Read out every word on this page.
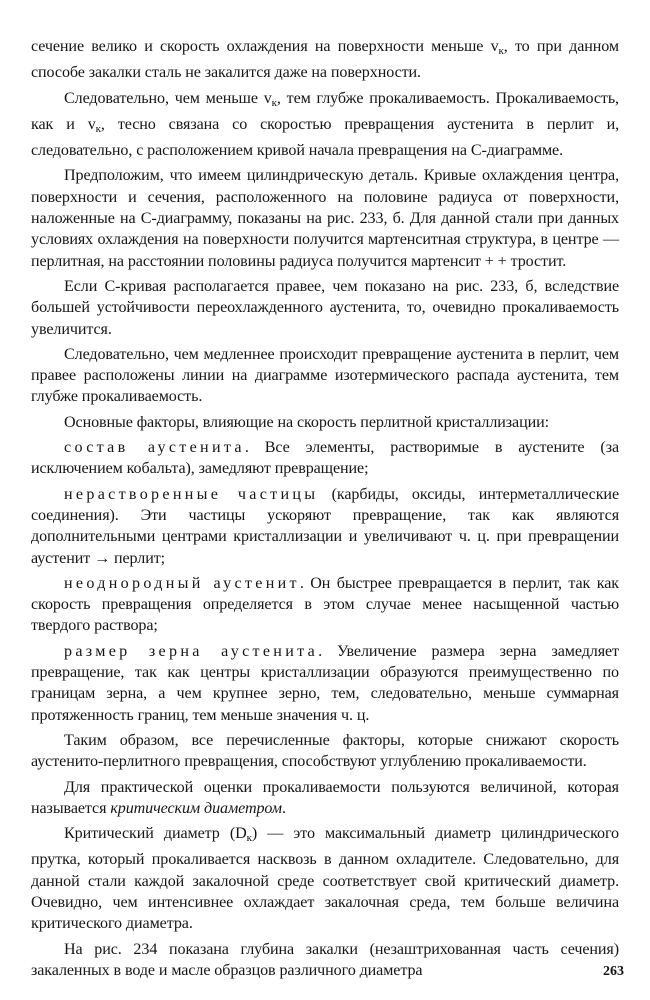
сечение велико и скорость охлаждения на поверхности меньше $v_к$, то при данном способе закалки сталь не закалится даже на поверхности.

Следовательно, чем меньше $v_к$, тем глубже прокаливаемость. Прокаливаемость, как и $v_к$, тесно связана со скоростью превращения аустенита в перлит и, следовательно, с расположением кривой начала превращения на С-диаграмме.

Предположим, что имеем цилиндрическую деталь. Кривые охлаждения центра, поверхности и сечения, расположенного на половине радиуса от поверхности, наложенные на С-диаграмму, показаны на рис. 233, б. Для данной стали при данных условиях охлаждения на поверхности получится мартенситная структура, в центре — перлитная, на расстоянии половины радиуса получится мартенсит + + тростит.

Если С-кривая располагается правее, чем показано на рис. 233, б, вследствие большей устойчивости переохлажденного аустенита, то, очевидно прокаливаемость увеличится.

Следовательно, чем медленнее происходит превращение аустенита в перлит, чем правее расположены линии на диаграмме изотермического распада аустенита, тем глубже прокаливаемость.

Основные факторы, влияющие на скорость перлитной кристаллизации:

состав аустенита. Все элементы, растворимые в аустените (за исключением кобальта), замедляют превращение;

нерастворенные частицы (карбиды, оксиды, интерметаллические соединения). Эти частицы ускоряют превращение, так как являются дополнительными центрами кристаллизации и увеличивают ч. ц. при превращении аустенит → перлит;

неоднородный аустенит. Он быстрее превращается в перлит, так как скорость превращения определяется в этом случае менее насыщенной частью твердого раствора;

размер зерна аустенита. Увеличение размера зерна замедляет превращение, так как центры кристаллизации образуются преимущественно по границам зерна, а чем крупнее зерно, тем, следовательно, меньше суммарная протяженность границ, тем меньше значения ч. ц.

Таким образом, все перечисленные факторы, которые снижают скорость аустенито-перлитного превращения, способствуют углублению прокаливаемости.

Для практической оценки прокаливаемости пользуются величиной, которая называется критическим диаметром.

Критический диаметр $(D_к)$ — это максимальный диаметр цилиндрического прутка, который прокаливается насквозь в данном охладителе. Следовательно, для данной стали каждой закалочной среде соответствует свой критический диаметр. Очевидно, чем интенсивнее охлаждает закалочная среда, тем больше величина критического диаметра.

На рис. 234 показана глубина закалки (незаштрихованная часть сечения) закаленных в воде и масле образцов различного диаметра	263
